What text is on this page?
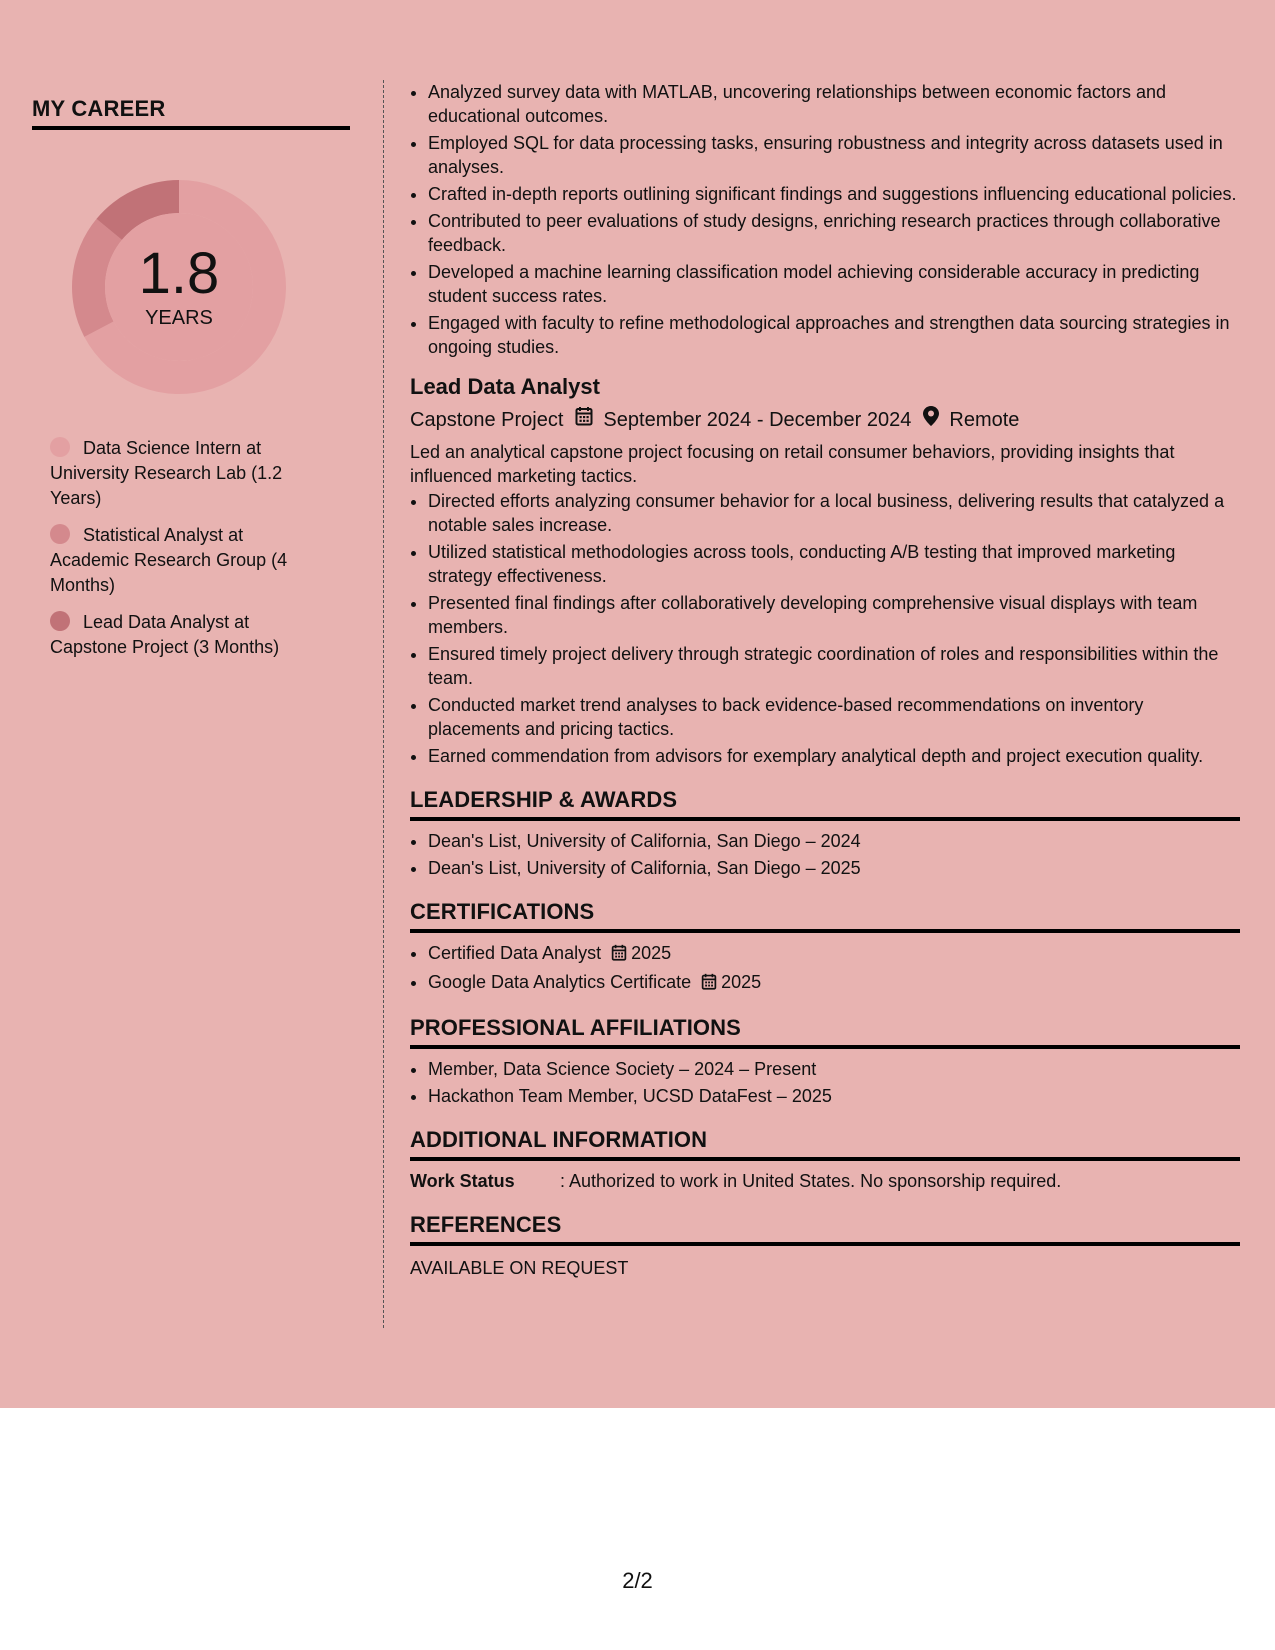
MY CAREER
1.8
YEARS
Data Science Intern at University Research Lab (1.2 Years)
Statistical Analyst at Academic Research Group (4 Months)
Lead Data Analyst at Capstone Project (3 Months)
• Analyzed survey data with MATLAB, uncovering relationships between economic factors and educational outcomes.
• Employed SQL for data processing tasks, ensuring robustness and integrity across datasets used in analyses.
• Crafted in-depth reports outlining significant findings and suggestions influencing educational policies.
• Contributed to peer evaluations of study designs, enriching research practices through collaborative feedback.
• Developed a machine learning classification model achieving considerable accuracy in predicting student success rates.
• Engaged with faculty to refine methodological approaches and strengthen data sourcing strategies in ongoing studies.
Lead Data Analyst
Capstone Project September 2024 - December 2024 Remote
Led an analytical capstone project focusing on retail consumer behaviors, providing insights that influenced marketing tactics.
• Directed efforts analyzing consumer behavior for a local business, delivering results that catalyzed a notable sales increase.
• Utilized statistical methodologies across tools, conducting A/B testing that improved marketing strategy effectiveness.
• Presented final findings after collaboratively developing comprehensive visual displays with team members.
• Ensured timely project delivery through strategic coordination of roles and responsibilities within the team.
• Conducted market trend analyses to back evidence-based recommendations on inventory placements and pricing tactics.
• Earned commendation from advisors for exemplary analytical depth and project execution quality.
LEADERSHIP & AWARDS
• Dean's List, University of California, San Diego – 2024
• Dean's List, University of California, San Diego – 2025
CERTIFICATIONS
• Certified Data Analyst 2025
• Google Data Analytics Certificate 2025
PROFESSIONAL AFFILIATIONS
• Member, Data Science Society – 2024 – Present
• Hackathon Team Member, UCSD DataFest – 2025
ADDITIONAL INFORMATION
Work Status	: Authorized to work in United States. No sponsorship required.
REFERENCES
AVAILABLE ON REQUEST
2/2
